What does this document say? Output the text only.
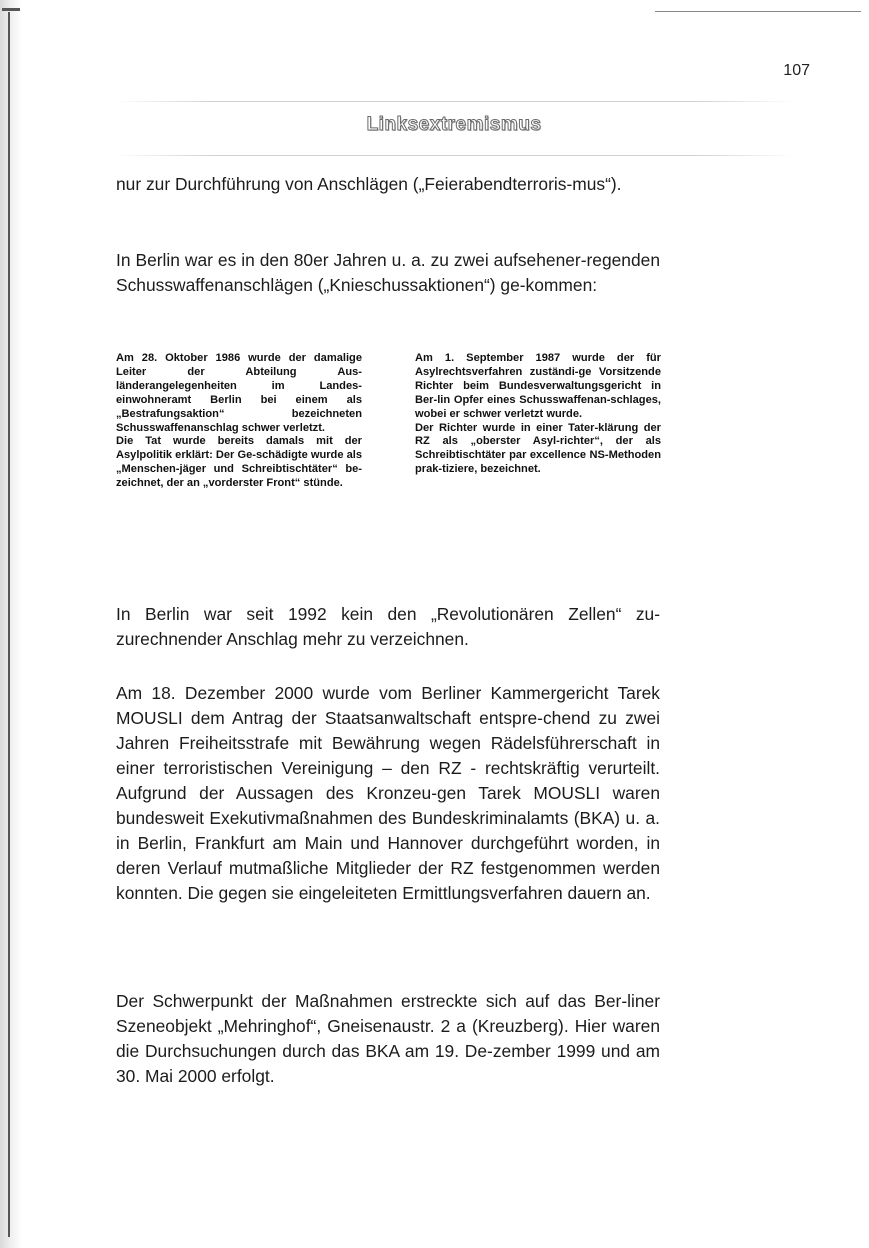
107
Linksextremismus

nur zur Durchführung von Anschlägen („Feierabendterroris-mus“).

In Berlin war es in den 80er Jahren u. a. zu zwei aufsehener-regenden Schusswaffenanschlägen („Knieschussaktionen“) ge-kommen:

Am 28. Oktober 1986 wurde der damalige Leiter der Abteilung Aus-länderangelegenheiten im Landes-einwohneramt Berlin bei einem als „Bestrafungsaktion“ bezeichneten Schusswaffenanschlag schwer verletzt.

Die Tat wurde bereits damals mit der Asylpolitik erklärt: Der Ge-schädigte wurde als „Menschen-jäger und Schreibtischtäter“ be-zeichnet, der an „vorderster Front“ stünde.

Am 1. September 1987 wurde der für Asylrechtsverfahren zuständi-ge Vorsitzende Richter beim Bundesverwaltungsgericht in Ber-lin Opfer eines Schusswaffenan-schlages, wobei er schwer verletzt wurde.

Der Richter wurde in einer Tater-klärung der RZ als „oberster Asyl-richter“, der als Schreibtischtäter par excellence NS-Methoden prak-tiziere, bezeichnet.

In Berlin war seit 1992 kein den „Revolutionären Zellen“ zu-zurechnender Anschlag mehr zu verzeichnen.

Am 18. Dezember 2000 wurde vom Berliner Kammergericht Tarek MOUSLI dem Antrag der Staatsanwaltschaft entspre-chend zu zwei Jahren Freiheitsstrafe mit Bewährung wegen Rädelsführerschaft in einer terroristischen Vereinigung – den RZ - rechtskräftig verurteilt. Aufgrund der Aussagen des Kronzeu-gen Tarek MOUSLI waren bundesweit Exekutivmaßnahmen des Bundeskriminalamts (BKA) u. a. in Berlin, Frankfurt am Main und Hannover durchgeführt worden, in deren Verlauf mutmaßliche Mitglieder der RZ festgenommen werden konnten. Die gegen sie eingeleiteten Ermittlungsverfahren dauern an.

Der Schwerpunkt der Maßnahmen erstreckte sich auf das Ber-liner Szeneobjekt „Mehringhof“, Gneisenaustr. 2 a (Kreuzberg). Hier waren die Durchsuchungen durch das BKA am 19. De-zember 1999 und am 30. Mai 2000 erfolgt.
